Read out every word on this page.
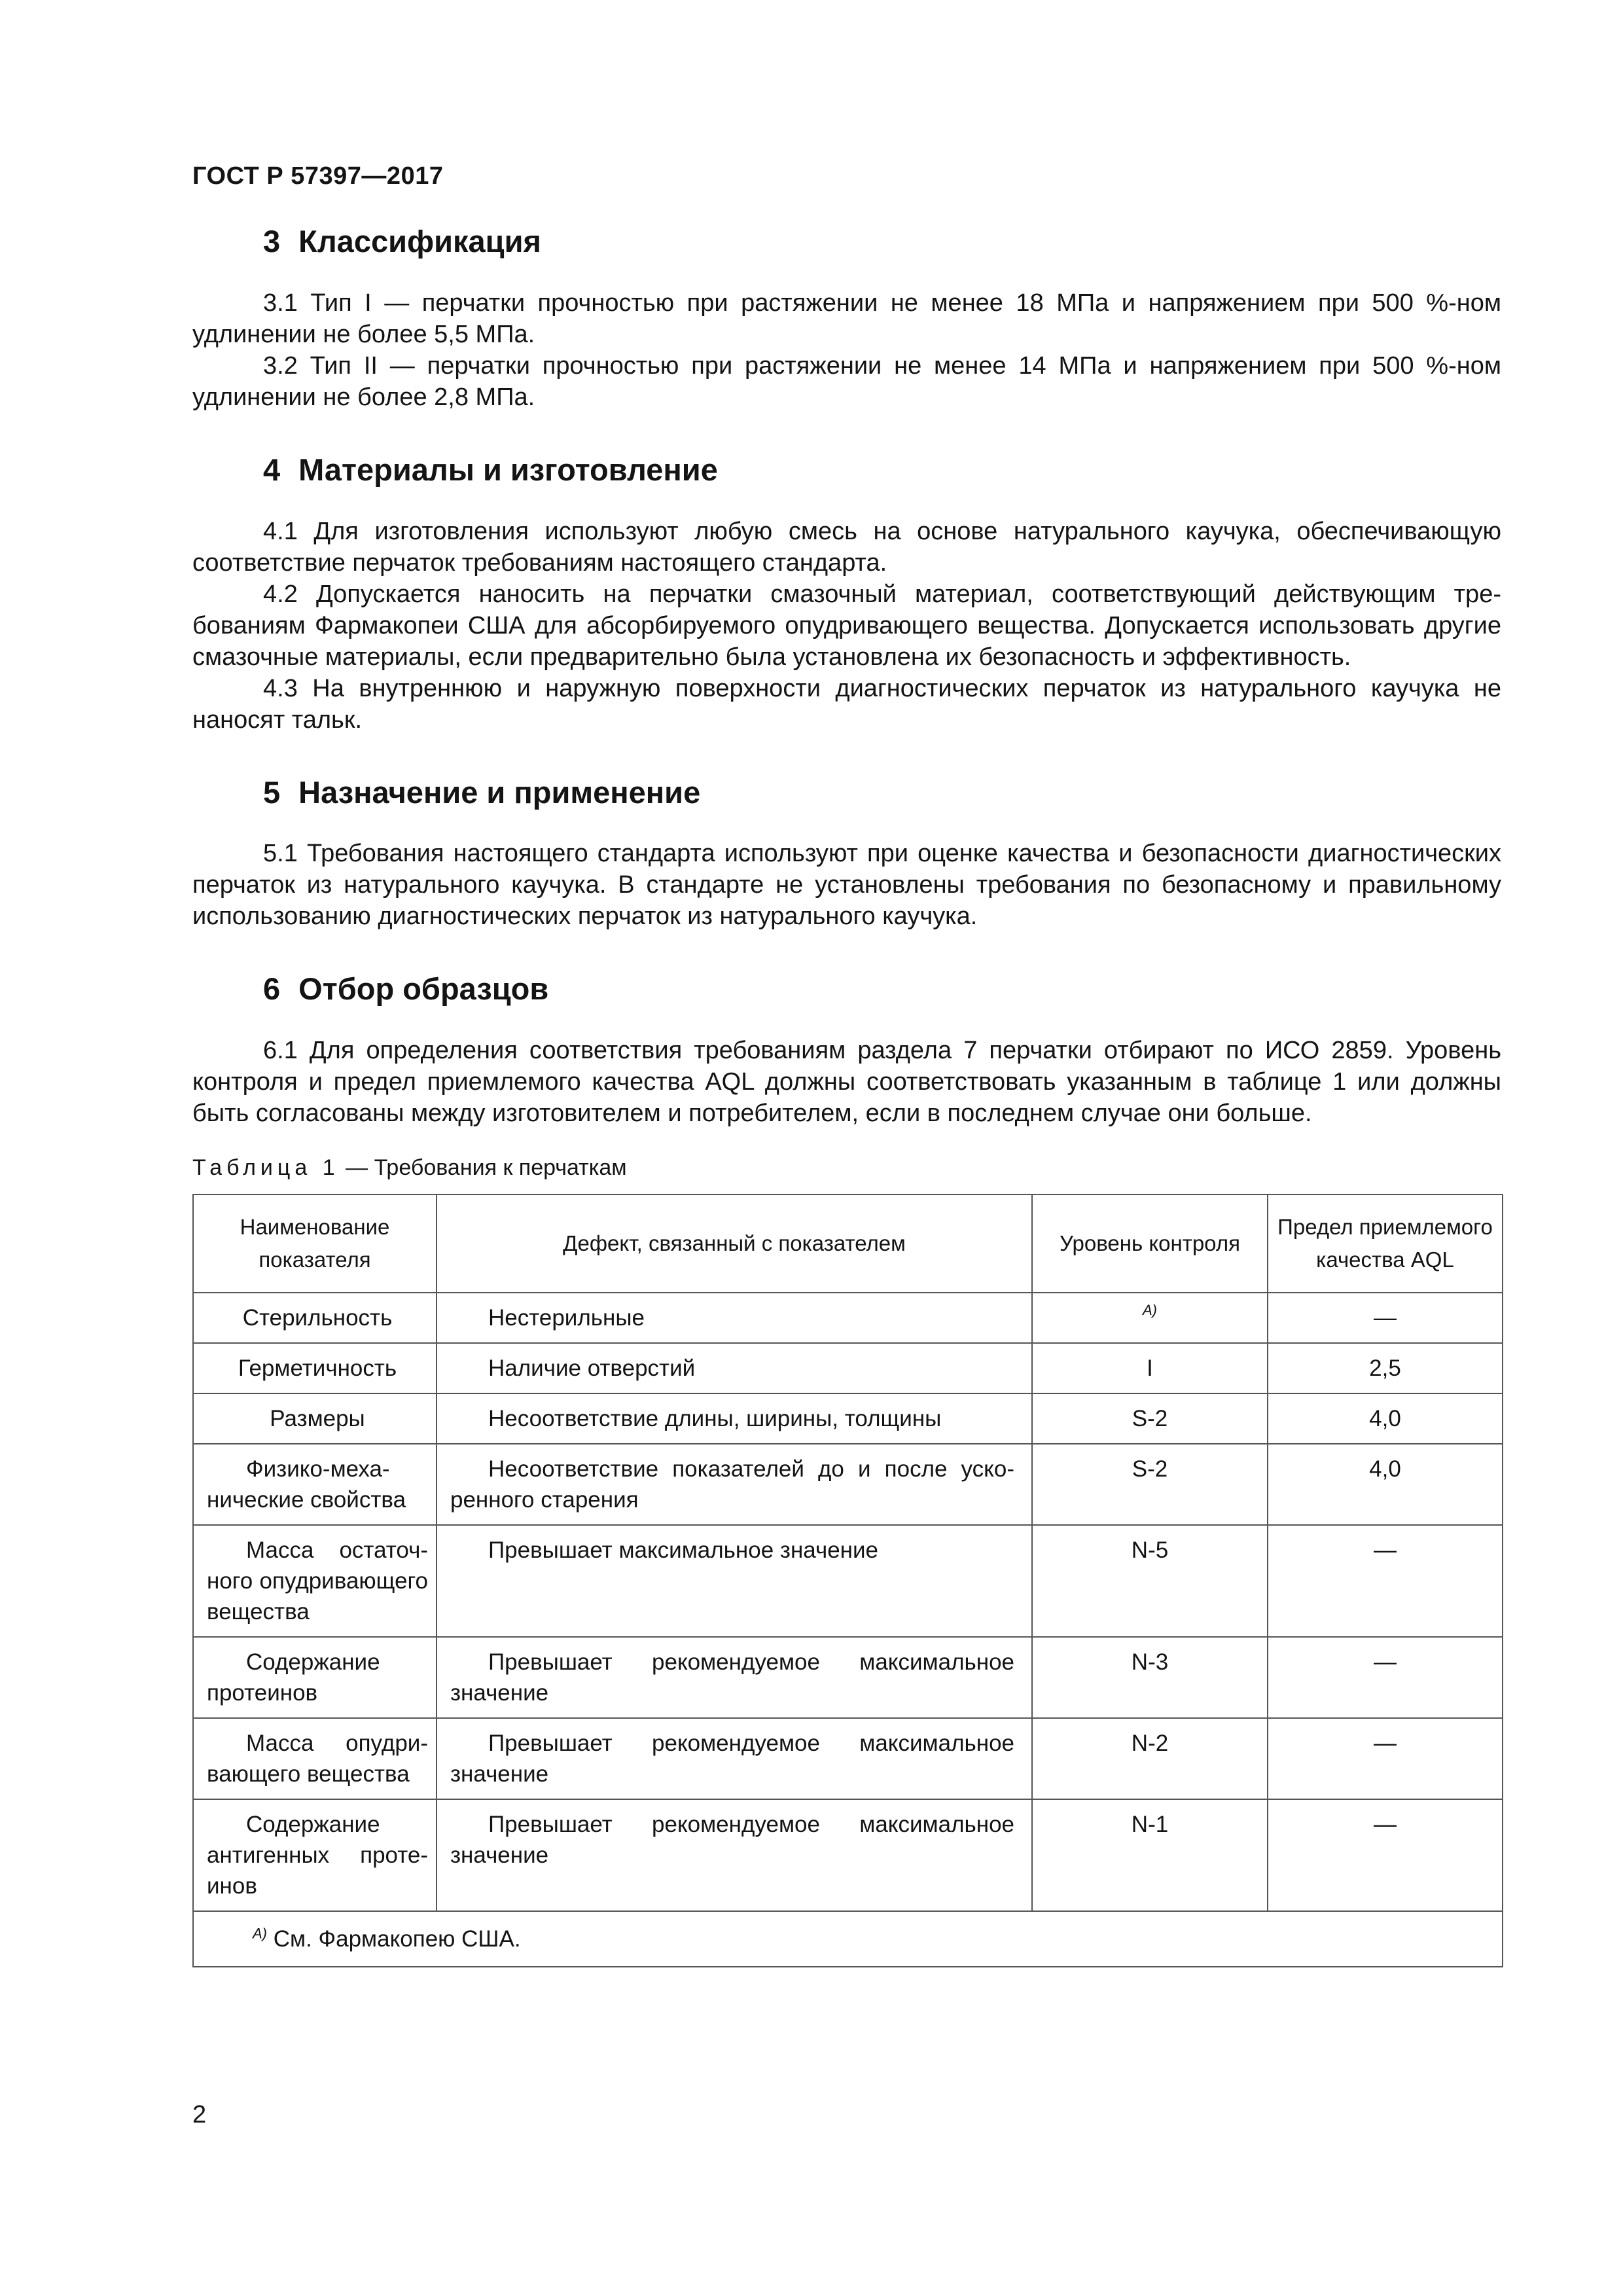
ГОСТ Р 57397—2017
3 Классификация

3.1 Тип I — перчатки прочностью при растяжении не менее 18 МПа и напряжением при 500 %-ном удлинении не более 5,5 МПа.

3.2 Тип II — перчатки прочностью при растяжении не менее 14 МПа и напряжением при 500 %-ном удлинении не более 2,8 МПа.

4 Материалы и изготовление

4.1 Для изготовления используют любую смесь на основе натурального каучука, обеспечивающую соответствие перчаток требованиям настоящего стандарта.

4.2 Допускается наносить на перчатки смазочный материал, соответствующий действующим требованиям Фармакопеи США для абсорбируемого опудривающего вещества. Допускается использовать другие смазочные материалы, если предварительно была установлена их безопасность и эффективность.

4.3 На внутреннюю и наружную поверхности диагностических перчаток из натурального каучука не наносят тальк.

5 Назначение и применение

5.1 Требования настоящего стандарта используют при оценке качества и безопасности диагностических перчаток из натурального каучука. В стандарте не установлены требования по безопасному и правильному использованию диагностических перчаток из натурального каучука.

6 Отбор образцов

6.1 Для определения соответствия требованиям раздела 7 перчатки отбирают по ИСО 2859. Уровень контроля и предел приемлемого качества AQL должны соответствовать указанным в таблице 1 или должны быть согласованы между изготовителем и потребителем, если в последнем случае они больше.

Таблица 1 — Требования к перчаткам
Наименование показателя	Дефект, связанный с показателем	Уровень контроля	Предел приемлемого качества AQL
Стерильность	Нестерильные	А)	—
Герметичность	Наличие отверстий	I	2,5
Размеры	Несоответствие длины, ширины, толщины	S-2	4,0
Физико-механические свойства	Несоответствие показателей до и после ускоренного старения	S-2	4,0
Масса остаточного опудривающего вещества	Превышает максимальное значение	N-5	—
Содержание протеинов	Превышает рекомендуемое максимальное значение	N-3	—
Масса опудривающего вещества	Превышает рекомендуемое максимальное значение	N-2	—
Содержание антигенных протеинов	Превышает рекомендуемое максимальное значение	N-1	—
$^{А)}$ См. Фармакопею США.			
2
